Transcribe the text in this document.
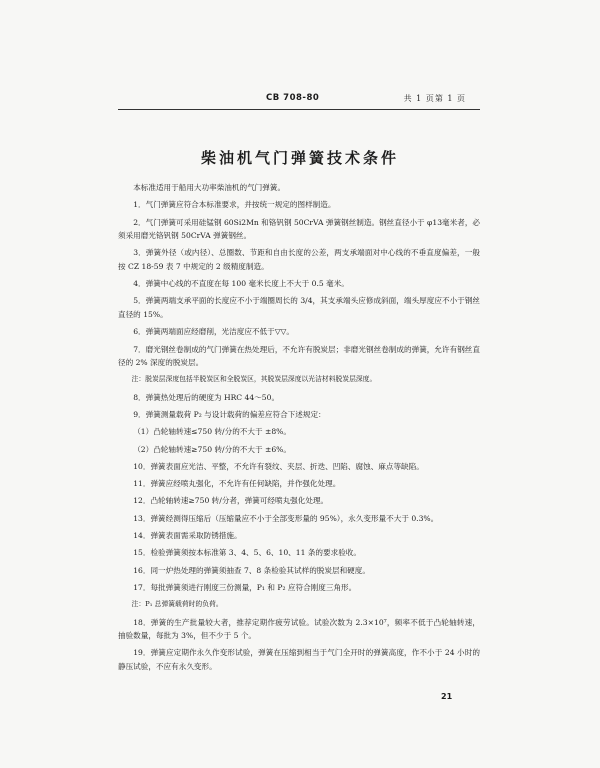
CB 708-80	共 1 页第 1 页
柴油机气门弹簧技术条件

本标准适用于船用大功率柴油机的气门弹簧。

1．气门弹簧应符合本标准要求，并按统一规定的图样制造。

2．气门弹簧可采用硅锰钢 60Si2Mn 和铬钒钢 50CrVA 弹簧钢丝制造。钢丝直径小于 φ13毫米者，必须采用磨光铬钒钢 50CrVA 弹簧钢丝。

3．弹簧外径（或内径）、总圈数、节距和自由长度的公差，两支承端面对中心线的不垂直度偏差，一般按 CZ 18-59 表 7 中规定的 2 级精度制造。

4．弹簧中心线的不直度在每 100 毫米长度上不大于 0.5 毫米。

5．弹簧两端支承平面的长度应不小于端圈周长的 3/4，其支承端头应修成斜面，端头厚度应不小于钢丝直径的 15%。

6．弹簧两端面应经磨削，光洁度应不低于▽▽。

7．磨光钢丝卷制成的气门弹簧在热处理后，不允许有脱炭层；非磨光钢丝卷制成的弹簧，允许有钢丝直径的 2% 深度的脱炭层。

注：脱炭层深度包括半脱炭区和全脱炭区，其脱炭层深度以光洁材料脱炭层深度。

8．弹簧热处理后的硬度为 HRC 44～50。

9．弹簧测量载荷 P₂ 与设计载荷的偏差应符合下述规定：

（1）凸轮轴转速≤750 转/分的不大于 ±8%。

（2）凸轮轴转速≥750 转/分的不大于 ±6%。

10．弹簧表面应光洁、平整，不允许有裂纹、夹层、折迭、凹陷、腐蚀、麻点等缺陷。

11．弹簧应经喷丸强化，不允许有任何缺陷，并作强化处理。

12．凸轮轴转速≥750 转/分者，弹簧可经喷丸强化处理。

13．弹簧经测得压缩后（压缩量应不小于全部变形量的 95%），永久变形量不大于 0.3%。

14．弹簧表面需采取防锈措施。

15．检验弹簧须按本标准第 3、4、5、6、10、11 条的要求验收。

16．同一炉热处理的弹簧须抽查 7、8 条检验其试样的脱炭层和硬度。

17．每批弹簧须进行刚度三份测量，P₁ 和 P₂ 应符合刚度三角形。

注：P₁ 总弹簧载荷时的负荷。

18．弹簧的生产批量较大者，推荐定期作疲劳试验。试验次数为 2.3×10⁷，频率不低于凸轮轴转速，抽验数量，每批为 3%，但不少于 5 个。

19．弹簧应定期作永久作变形试验，弹簧在压缩到相当于气门全开时的弹簧高度，作不小于 24 小时的静压试验，不应有永久变形。

21
